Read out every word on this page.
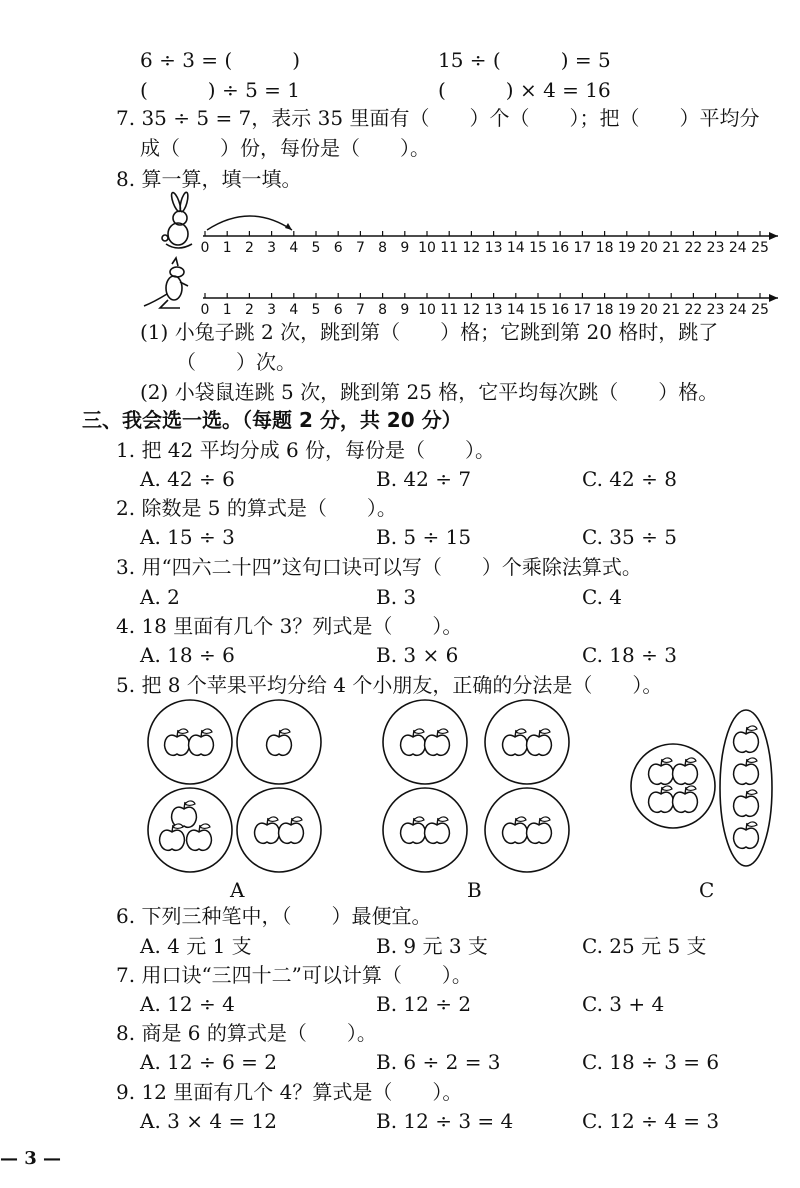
6 ÷ 3 = (　　　)	15 ÷ (　　　) = 5
(　　　) ÷ 5 = 1	(　　　) × 4 = 16
7. 35 ÷ 5 = 7，表示 35 里面有（　　）个（　　）；把（　　）平均分
成（　　）份，每份是（　　）。
8. 算一算，填一填。
0 1 2 3 4 5 6 7 8 9 10 11 12 13 14 15 16 17 18 19 20 21 22 23 24 25
0 1 2 3 4 5 6 7 8 9 10 11 12 13 14 15 16 17 18 19 20 21 22 23 24 25
(1) 小兔子跳 2 次，跳到第（　　）格；它跳到第 20 格时，跳了
（　　）次。
(2) 小袋鼠连跳 5 次，跳到第 25 格，它平均每次跳（　　）格。
三、我会选一选。（每题 2 分，共 20 分）
1. 把 42 平均分成 6 份，每份是（　　）。
A. 42 ÷ 6	B. 42 ÷ 7	C. 42 ÷ 8
2. 除数是 5 的算式是（　　）。
A. 15 ÷ 3	B. 5 ÷ 15	C. 35 ÷ 5
3. 用“四六二十四”这句口诀可以写（　　）个乘除法算式。
A. 2	B. 3	C. 4
4. 18 里面有几个 3？列式是（　　）。
A. 18 ÷ 6	B. 3 × 6	C. 18 ÷ 3
5. 把 8 个苹果平均分给 4 个小朋友，正确的分法是（　　）。
A	B	C
6. 下列三种笔中，（　　）最便宜。
A. 4 元 1 支	B. 9 元 3 支	C. 25 元 5 支
7. 用口诀“三四十二”可以计算（　　）。
A. 12 ÷ 4	B. 12 ÷ 2	C. 3 + 4
8. 商是 6 的算式是（　　）。
A. 12 ÷ 6 = 2	B. 6 ÷ 2 = 3	C. 18 ÷ 3 = 6
9. 12 里面有几个 4？算式是（　　）。
A. 3 × 4 = 12	B. 12 ÷ 3 = 4	C. 12 ÷ 4 = 3
— 3 —
